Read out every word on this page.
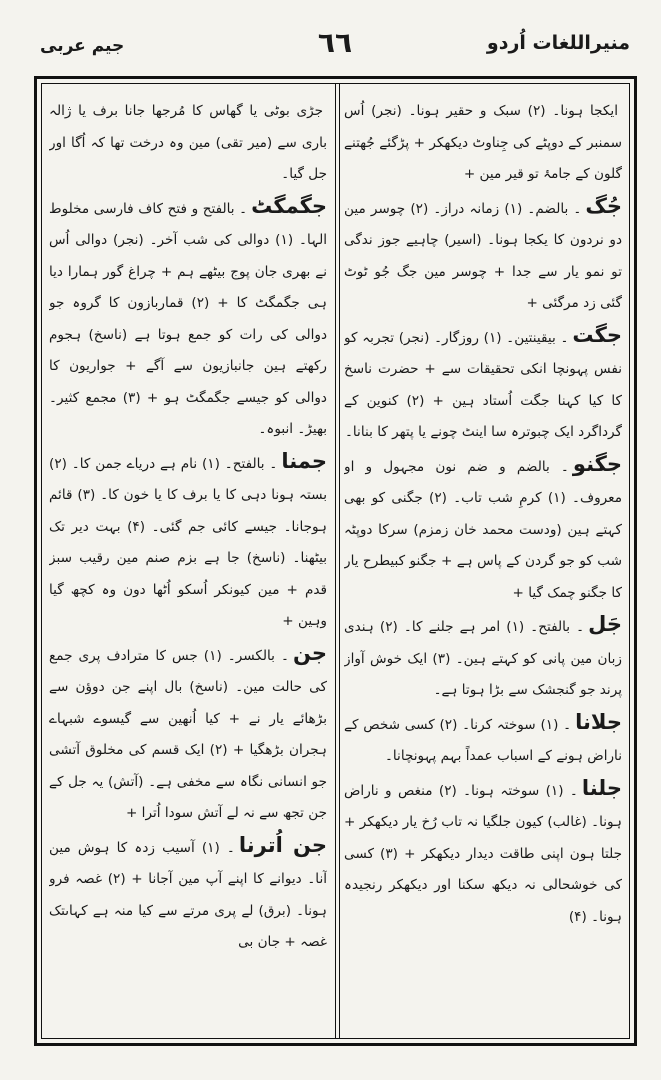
منیراللغات اُردو
٦٦
جیم عربی

ایکجا ہونا۔ (۲) سبک و حقیر ہونا۔ (نجر) اُس سمنبر کے دوپٹے کی جِناوٹ دیکھکر + پڑگئے جُھتنے گلون کے جامۂ تو قیر مین +

جُگ۔ بالضم۔ (۱) زمانہ دراز۔ (۲) چوسر مین دو نردون کا یکجا ہونا۔ (اسیر) چاہیے جوز ندگی تو نمو یار سے جدا + چوسر مین جگ جُو ٹوٹ گئی زد مرگئی +

جگت۔ بیقینتین۔ (۱) روزگار۔ (نجر) تجربہ کو نفس پہونچا انکی تحقیقات سے + حضرت ناسخ کا کیا کہنا جگت اُستاد ہین + (۲) کنوین کے گرداگرد ایک چبوترہ سا اینٹ چونے یا پتھر کا بنانا۔

جگنو۔ بالضم و ضم نون مجہول و او معروف۔ (۱) کرمِ شب تاب۔ (۲) جگنی کو بھی کہتے ہین (ودست محمد خان زمزم) سرکا دوپٹہ شب کو جو گردن کے پاس ہے + جگنو کبیطرح یار کا جگنو چمک گیا +

جَل۔ بالفتح۔ (۱) امر ہے جلنے کا۔ (۲) ہندی زبان مین پانی کو کہتے ہین۔ (۳) ایک خوش آواز پرند جو گنجشک سے بڑا ہوتا ہے۔

جلانا۔ (۱) سوختہ کرنا۔ (۲) کسی شخص کے ناراض ہونے کے اسباب عمداً بہم پہونچانا۔

جلنا۔ (۱) سوختہ ہونا۔ (۲) منغص و ناراض ہونا۔ (غالب) کیون جلگیا نہ تاب رُخ یار دیکھکر + جلتا ہون اپنی طاقت دیدار دیکھکر + (۳) کسی کی خوشحالی نہ دیکھ سکنا اور دیکھکر رنجیدہ ہونا۔ (۴)

جڑی بوٹی یا گھاس کا مُرجھا جانا برف یا ژالہ باری سے (میر تقی) مین وہ درخت تھا کہ اُگا اور جل گیا۔

جگمگٹ۔ بالفتح و فتح کاف فارسی مخلوط الہا۔ (۱) دوالی کی شب آخر۔ (نجر) دوالی اُس نے بھری جان پوج بیٹھے ہم + چراغ گور ہمارا دیا ہی جگمگٹ کا + (۲) قماربازون کا گروہ جو دوالی کی رات کو جمع ہوتا ہے (ناسخ) ہجوم رکھتے ہین جانبازیون سے آگے + جواریون کا دوالی کو جیسے جگمگٹ ہو + (۳) مجمع کثیر۔ بھیڑ۔ انبوہ۔

جمنا۔ بالفتح۔ (۱) نام ہے دریاے جمن کا۔ (۲) بستہ ہونا دہی کا یا برف کا یا خون کا۔ (۳) قائم ہوجانا۔ جیسے کائی جم گئی۔ (۴) بہت دیر تک بیٹھنا۔ (ناسخ) جا ہے بزم صنم مین رقیب سبز قدم + مین کیونکر اُسکو اُٹھا دون وہ کچھ گیا وہین +

جن۔ بالکسر۔ (۱) جس کا مترادف پری جمع کی حالت مین۔ (ناسخ) بال اپنے جن دوؤن سے بڑھائے یار نے + کیا اُنھین سے گیسوے شبہاے ہجران بڑھگیا + (۲) ایک قسم کی مخلوق آتشی جو انسانی نگاہ سے مخفی ہے۔ (آتش) یہ جل کے جن تجھ سے نہ لے آتش سودا اُترا +

جن اُترنا۔ (۱) آسیب زدہ کا ہوش مین آنا۔ دیوانے کا اپنے آپ مین آجانا + (۲) غصہ فرو ہونا۔ (برق) لے پری مرتے سے کیا منہ ہے کہاںتک غصہ + جان بی
